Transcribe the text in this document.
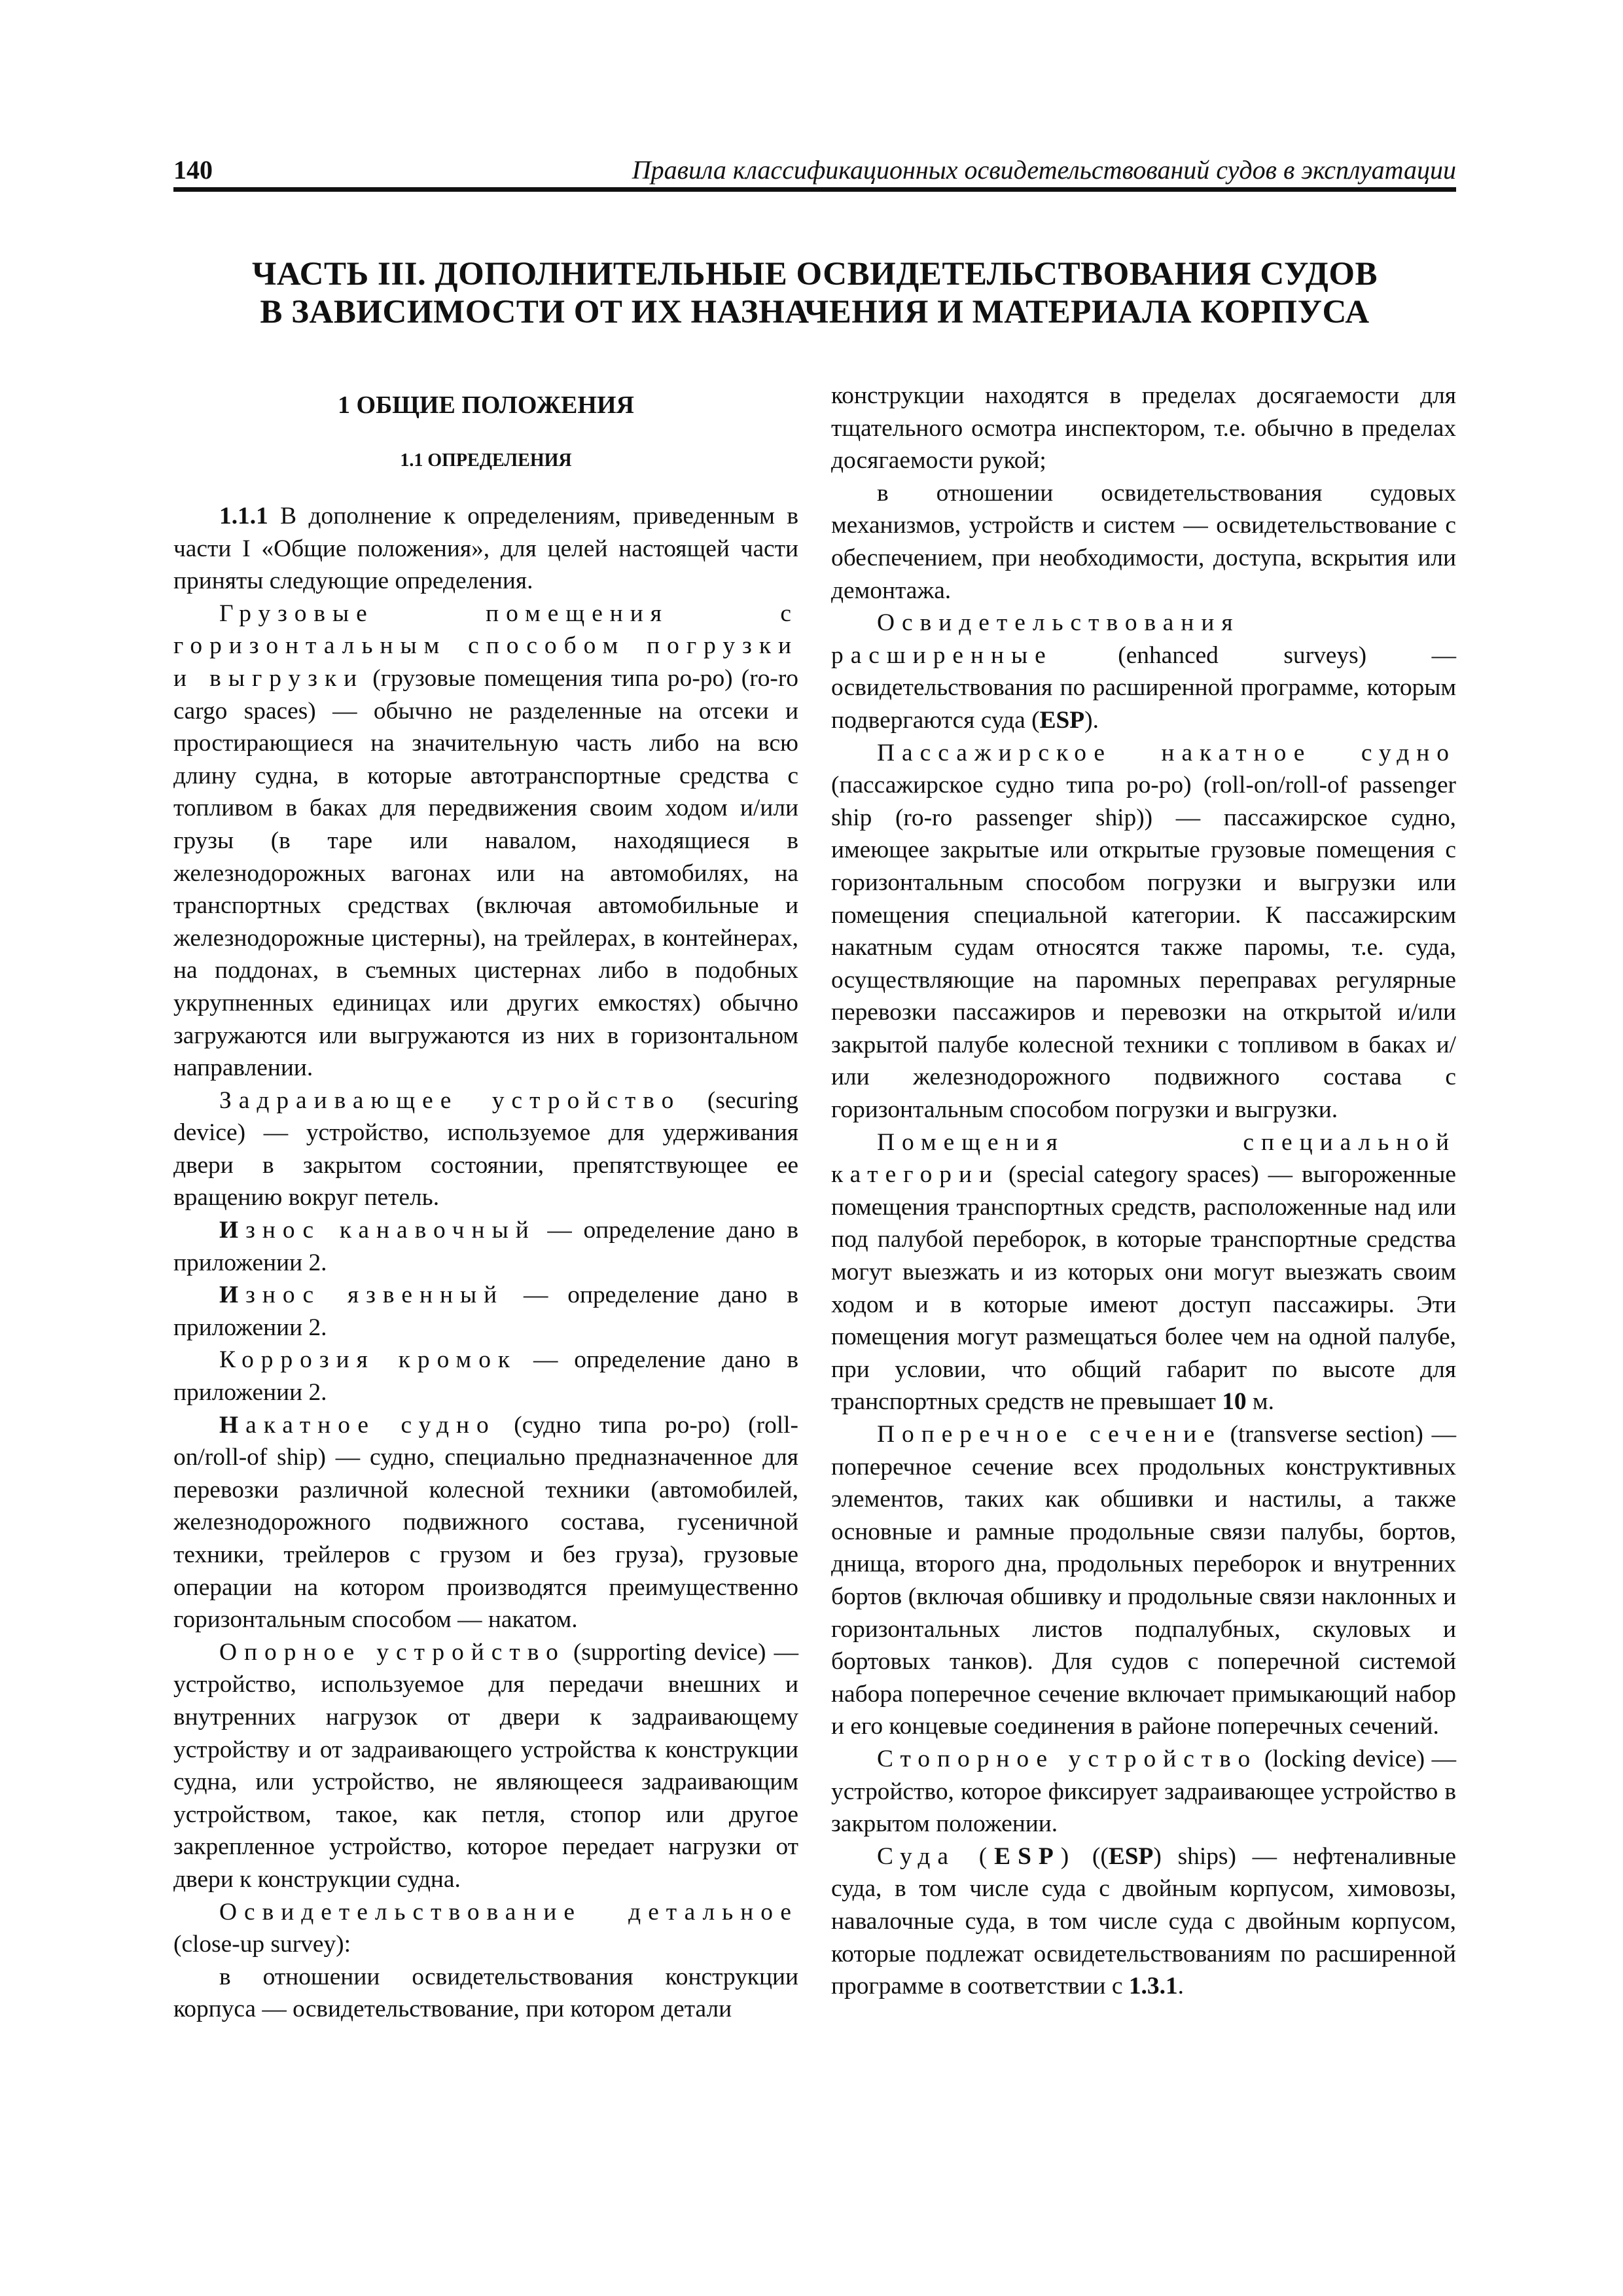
140	Правила классификационных освидетельствований судов в эксплуатации
ЧАСТЬ III. ДОПОЛНИТЕЛЬНЫЕ ОСВИДЕТЕЛЬСТВОВАНИЯ СУДОВ
В ЗАВИСИМОСТИ ОТ ИХ НАЗНАЧЕНИЯ И МАТЕРИАЛА КОРПУСА
1 ОБЩИЕ ПОЛОЖЕНИЯ
1.1 ОПРЕДЕЛЕНИЯ

1.1.1 В дополнение к определениям, приведенным в части I «Общие положения», для целей настоящей части приняты следующие определения.

Грузовые помещения с горизонтальным способом погрузки и выгрузки (грузовые помещения типа ро-ро) (ro-ro cargo spaces) — обычно не разделенные на отсеки и простирающиеся на значительную часть либо на всю длину судна, в которые автотранспортные средства с топливом в баках для передвижения своим ходом и/или грузы (в таре или навалом, находящиеся в железнодорожных вагонах или на автомобилях, на транспортных средствах (включая автомобильные и железнодорожные цистерны), на трейлерах, в контейнерах, на поддонах, в съемных цистернах либо в подобных укрупненных единицах или других емкостях) обычно загружаются или выгружаются из них в горизонтальном направлении.

Задраивающее устройство (securing device) — устройство, используемое для удерживания двери в закрытом состоянии, препятствующее ее вращению вокруг петель.

Износ канавочный — определение дано в приложении 2.

Износ язвенный — определение дано в приложении 2.

Коррозия кромок — определение дано в приложении 2.

Накатное судно (судно типа ро-ро) (roll-on/roll-of ship) — судно, специально предназначенное для перевозки различной колесной техники (автомобилей, железнодорожного подвижного состава, гусеничной техники, трейлеров с грузом и без груза), грузовые операции на котором производятся преимущественно горизонтальным способом — накатом.

Опорное устройство (supporting device) — устройство, используемое для передачи внешних и внутренних нагрузок от двери к задраивающему устройству и от задраивающего устройства к конструкции судна, или устройство, не являющееся задраивающим устройством, такое, как петля, стопор или другое закрепленное устройство, которое передает нагрузки от двери к конструкции судна.

Освидетельствование детальное (close-up survey):

в отношении освидетельствования конструкции корпуса — освидетельствование, при котором детали

конструкции находятся в пределах досягаемости для тщательного осмотра инспектором, т.е. обычно в пределах досягаемости рукой;

в отношении освидетельствования судовых механизмов, устройств и систем — освидетельствование с обеспечением, при необходимости, доступа, вскрытия или демонтажа.

Освидетельствования расширенные (enhanced surveys) — освидетельствования по расширенной программе, которым подвергаются суда (ESP).

Пассажирское накатное судно (пассажирское судно типа ро-ро) (roll-on/roll-of passenger ship (ro-ro passenger ship)) — пассажирское судно, имеющее закрытые или открытые грузовые помещения с горизонтальным способом погрузки и выгрузки или помещения специальной категории. К пассажирским накатным судам относятся также паромы, т.е. суда, осуществляющие на паромных переправах регулярные перевозки пассажиров и перевозки на открытой и/или закрытой палубе колесной техники с топливом в баках и/или железнодорожного подвижного состава с горизонтальным способом погрузки и выгрузки.

Помещения специальной категории (special category spaces) — выгороженные помещения транспортных средств, расположенные над или под палубой переборок, в которые транспортные средства могут выезжать и из которых они могут выезжать своим ходом и в которые имеют доступ пассажиры. Эти помещения могут размещаться более чем на одной палубе, при условии, что общий габарит по высоте для транспортных средств не превышает 10 м.

Поперечное сечение (transverse section) — поперечное сечение всех продольных конструктивных элементов, таких как обшивки и настилы, а также основные и рамные продольные связи палубы, бортов, днища, второго дна, продольных переборок и внутренних бортов (включая обшивку и продольные связи наклонных и горизонтальных листов подпалубных, скуловых и бортовых танков). Для судов с поперечной системой набора поперечное сечение включает примыкающий набор и его концевые соединения в районе поперечных сечений.

Стопорное устройство (locking device) — устройство, которое фиксирует задраивающее устройство в закрытом положении.

Суда (ESP) ((ESP) ships) — нефтеналивные суда, в том числе суда с двойным корпусом, химовозы, навалочные суда, в том числе суда с двойным корпусом, которые подлежат освидетельствованиям по расширенной программе в соответствии с 1.3.1.
